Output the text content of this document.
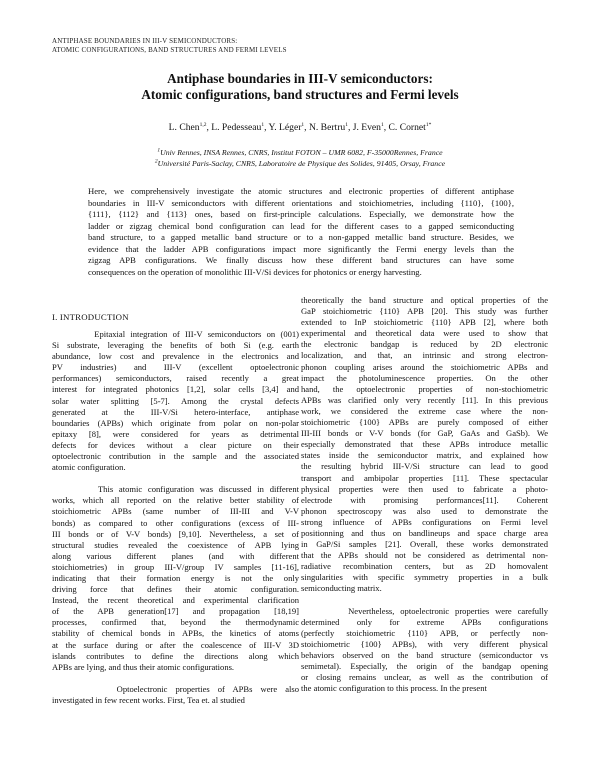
ANTIPHASE BOUNDARIES IN III-V SEMICONDUCTORS:
ATOMIC CONFIGURATIONS, BAND STRUCTURES AND FERMI LEVELS
Antiphase boundaries in III-V semiconductors:
Atomic configurations, band structures and Fermi levels
L. Chen$^{1,2}$, L. Pedesseau$^1$, Y. Léger$^1$, N. Bertru$^1$, J. Even$^1$, C. Cornet$^{1*}$
$^1$Univ Rennes, INSA Rennes, CNRS, Institut FOTON – UMR 6082, F-35000Rennes, France
$^2$Université Paris-Saclay, CNRS, Laboratoire de Physique des Solides, 91405, Orsay, France
Here, we comprehensively investigate the atomic structures and electronic properties of different antiphase
boundaries in III-V semiconductors with different orientations and stoichiometries, including {110}, {100},
{111}, {112} and {113} ones, based on first-principle calculations. Especially, we demonstrate how the
ladder or zigzag chemical bond configuration can lead for the different cases to a gapped semiconducting
band structure, to a gapped metallic band structure or to a non-gapped metallic band structure. Besides, we
evidence that the ladder APB configurations impact more significantly the Fermi energy levels than the
zigzag APB configurations. We finally discuss how these different band structures can have some
consequences on the operation of monolithic III-V/Si devices for photonics or energy harvesting.
I. INTRODUCTION
Epitaxial integration of III-V semiconductors on (001)
Si substrate, leveraging the benefits of both Si (e.g. earth
abundance, low cost and prevalence in the electronics and
PV    industries)    and    III-V    (excellent    optoelectronic
performances) semiconductors, raised recently a great
interest for integrated photonics [1,2], solar cells [3,4] and
solar water splitting [5-7]. Among the crystal defects
generated at the III-V/Si hetero-interface, antiphase
boundaries (APBs) which originate from polar on non-polar
epitaxy [8], were considered for years as detrimental
defects for devices without a clear picture on their
optoelectronic contribution in the sample and the associated
atomic configuration.
This atomic configuration was discussed in different
works, which all reported on the relative better stability of
stoichiometric APBs (same number of III-III and V-V
bonds) as compared to other configurations (excess of III-
III bonds or of V-V bonds) [9,10]. Nevertheless, a set of
structural studies revealed the coexistence of APB lying
along various different planes (and with different
stoichiometries) in group III-V/group IV samples [11-16],
indicating that their formation energy is not the only
driving force that defines their atomic configuration.
Instead, the recent theoretical and experimental clarification
of the APB generation[17] and propagation [18,19]
processes, confirmed that, beyond the thermodynamic
stability of chemical bonds in APBs, the kinetics of atoms
at the surface during or after the coalescence of III-V 3D
islands contributes to define the directions along which
APBs are lying, and thus their atomic configurations.
Optoelectronic properties of APBs were also
investigated in few recent works. First, Tea et. al studied
theoretically the band structure and optical properties of the
GaP stoichiometric {110} APB [20]. This study was further
extended to InP stoichiometric {110} APB [2], where both
experimental and theoretical data were used to show that
the electronic bandgap is reduced by 2D electronic
localization, and that, an intrinsic and strong electron-
phonon coupling arises around the stoichiometric APBs and
impact the photoluminescence properties. On the other
hand, the optoelectronic properties of non-stochiometric
APBs was clarified only very recently [11]. In this previous
work, we considered the extreme case where the non-
stoichiometric {100} APBs are purely composed of either
III-III bonds or V-V bonds (for GaP, GaAs and GaSb). We
especially demonstrated that these APBs introduce metallic
states inside the semiconductor matrix, and explained how
the resulting hybrid III-V/Si structure can lead to good
transport and ambipolar properties [11]. These spectacular
physical properties were then used to fabricate a photo-
electrode with promising performances[11]. Coherent
phonon spectroscopy was also used to demonstrate the
strong influence of APBs configurations on Fermi level
positionning and thus on bandlineups and space charge area
in GaP/Si samples [21]. Overall, these works demonstrated
that the APBs should not be considered as detrimental non-
radiative recombination centers, but as 2D homovalent
singularities with specific symmetry properties in a bulk
semiconducting matrix.
Nevertheless, optoelectronic properties were carefully
determined only for extreme APBs configurations
(perfectly stoichiometric {110} APB, or perfectly non-
stoichiometric {100} APBs), with very different physical
behaviors observed on the band structure (semiconductor vs
semimetal). Especially, the origin of the bandgap opening
or closing remains unclear, as well as the contribution of
the atomic configuration to this process. In the present
